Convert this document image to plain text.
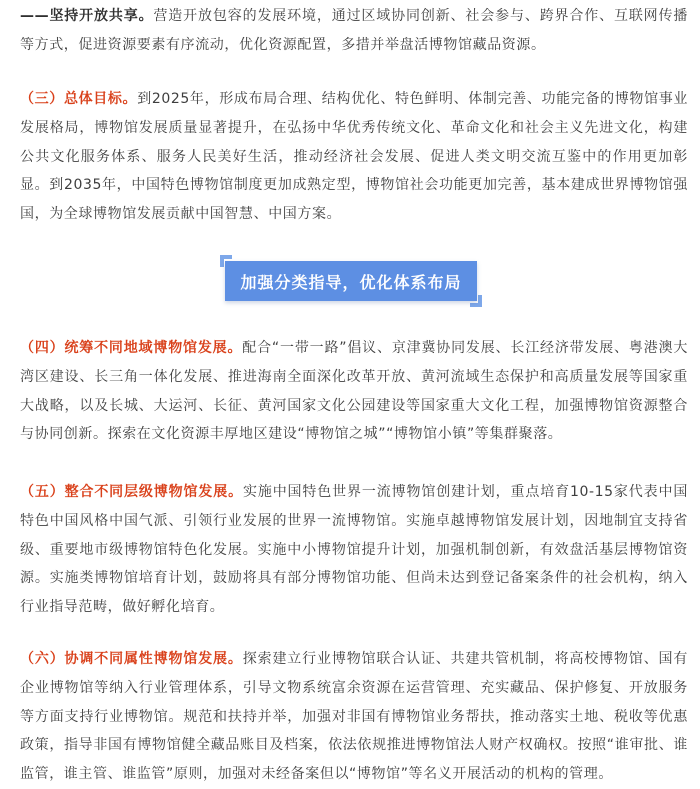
——坚持开放共享。营造开放包容的发展环境，通过区域协同创新、社会参与、跨界合作、互联网传播等方式，促进资源要素有序流动，优化资源配置，多措并举盘活博物馆藏品资源。

（三）总体目标。到2025年，形成布局合理、结构优化、特色鲜明、体制完善、功能完备的博物馆事业发展格局，博物馆发展质量显著提升，在弘扬中华优秀传统文化、革命文化和社会主义先进文化，构建公共文化服务体系、服务人民美好生活，推动经济社会发展、促进人类文明交流互鉴中的作用更加彰显。到2035年，中国特色博物馆制度更加成熟定型，博物馆社会功能更加完善，基本建成世界博物馆强国，为全球博物馆发展贡献中国智慧、中国方案。

加强分类指导，优化体系布局

（四）统筹不同地域博物馆发展。配合“一带一路”倡议、京津冀协同发展、长江经济带发展、粤港澳大湾区建设、长三角一体化发展、推进海南全面深化改革开放、黄河流域生态保护和高质量发展等国家重大战略，以及长城、大运河、长征、黄河国家文化公园建设等国家重大文化工程，加强博物馆资源整合与协同创新。探索在文化资源丰厚地区建设“博物馆之城”“博物馆小镇”等集群聚落。

（五）整合不同层级博物馆发展。实施中国特色世界一流博物馆创建计划，重点培育10-15家代表中国特色中国风格中国气派、引领行业发展的世界一流博物馆。实施卓越博物馆发展计划，因地制宜支持省级、重要地市级博物馆特色化发展。实施中小博物馆提升计划，加强机制创新，有效盘活基层博物馆资源。实施类博物馆培育计划，鼓励将具有部分博物馆功能、但尚未达到登记备案条件的社会机构，纳入行业指导范畴，做好孵化培育。

（六）协调不同属性博物馆发展。探索建立行业博物馆联合认证、共建共管机制，将高校博物馆、国有企业博物馆等纳入行业管理体系，引导文物系统富余资源在运营管理、充实藏品、保护修复、开放服务等方面支持行业博物馆。规范和扶持并举，加强对非国有博物馆业务帮扶，推动落实土地、税收等优惠政策，指导非国有博物馆健全藏品账目及档案，依法依规推进博物馆法人财产权确权。按照“谁审批、谁监管，谁主管、谁监管”原则，加强对未经备案但以“博物馆”等名义开展活动的机构的管理。
